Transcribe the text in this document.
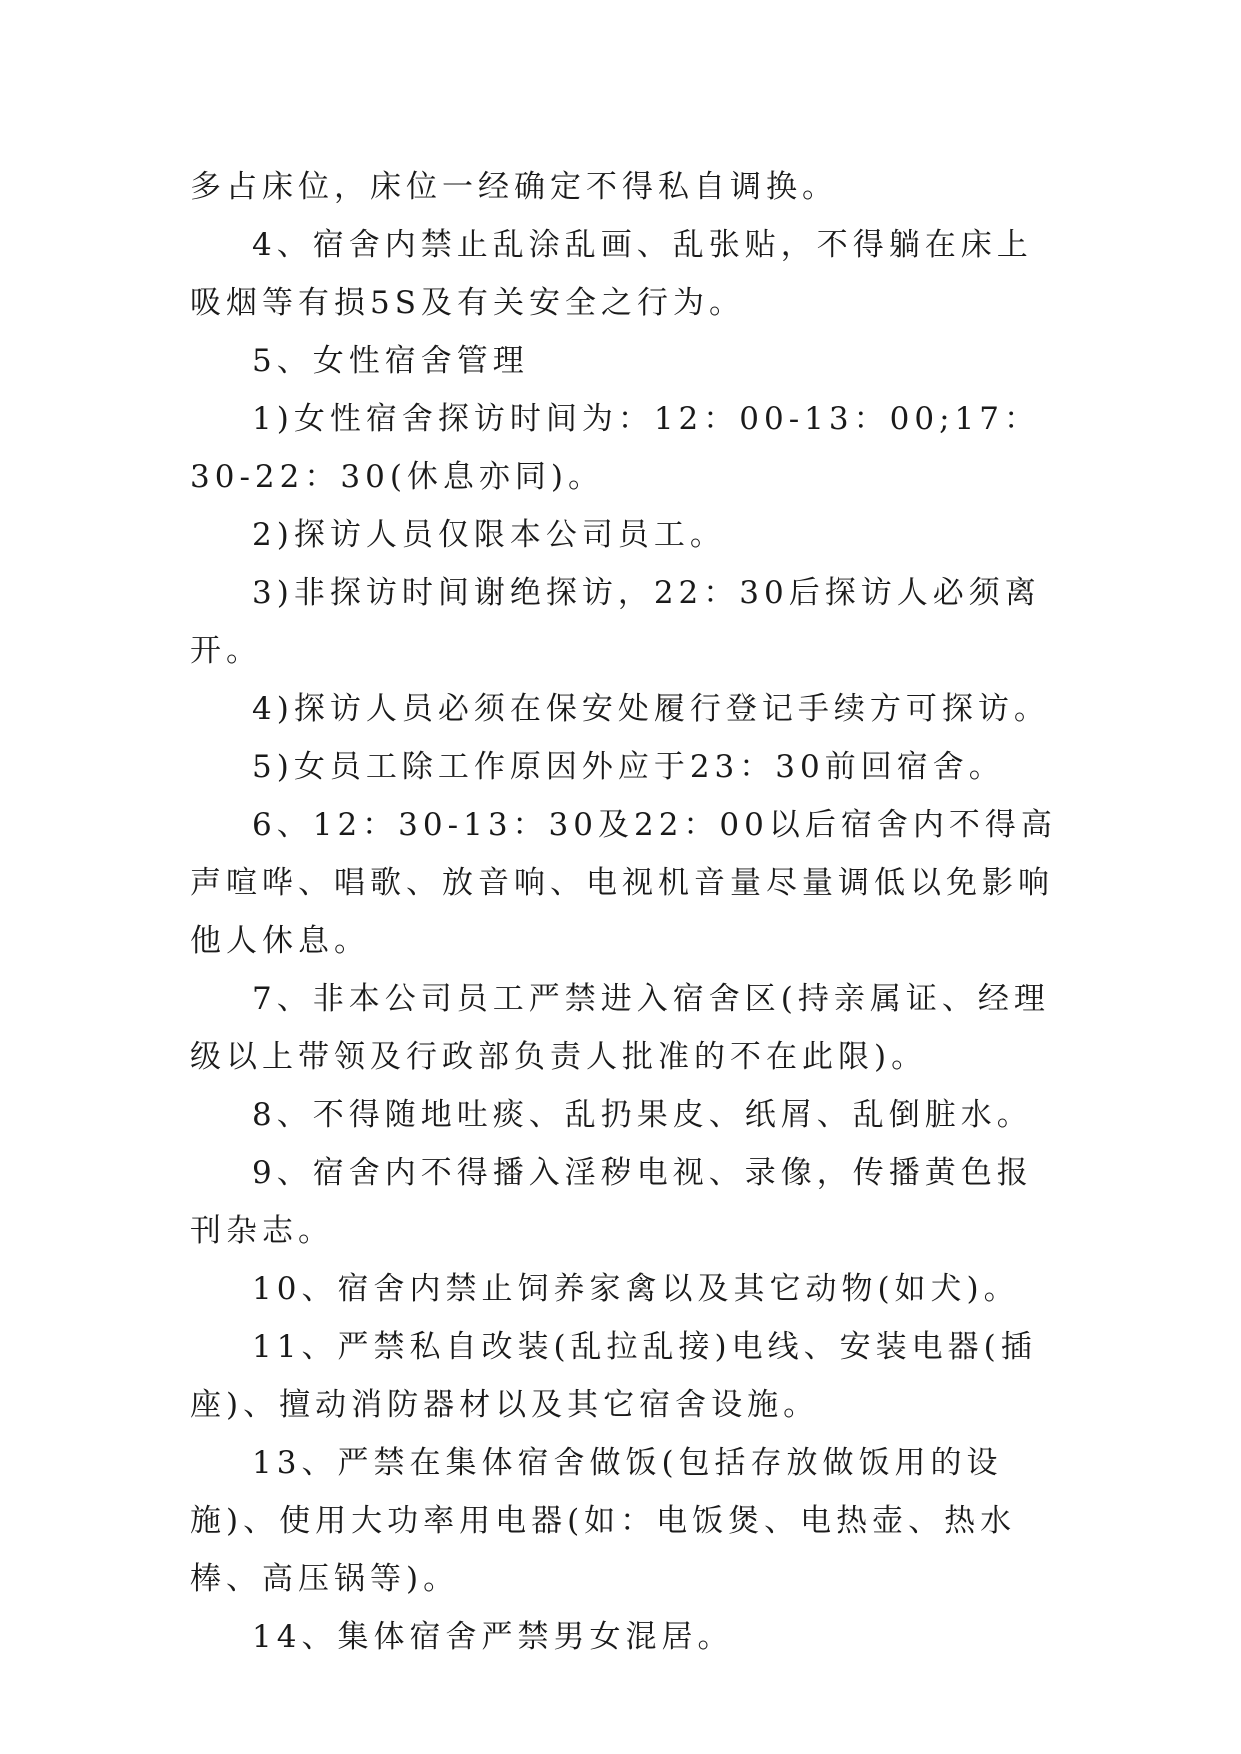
多占床位，床位一经确定不得私自调换。

4、宿舍内禁止乱涂乱画、乱张贴，不得躺在床上吸烟等有损5S及有关安全之行为。

5、女性宿舍管理

1)女性宿舍探访时间为：12：00-13：00;17：30-22：30(休息亦同)。

2)探访人员仅限本公司员工。

3)非探访时间谢绝探访，22：30后探访人必须离开。

4)探访人员必须在保安处履行登记手续方可探访。

5)女员工除工作原因外应于23：30前回宿舍。

6、12：30-13：30及22：00以后宿舍内不得高声喧哗、唱歌、放音响、电视机音量尽量调低以免影响他人休息。

7、非本公司员工严禁进入宿舍区(持亲属证、经理级以上带领及行政部负责人批准的不在此限)。

8、不得随地吐痰、乱扔果皮、纸屑、乱倒脏水。

9、宿舍内不得播入淫秽电视、录像，传播黄色报刊杂志。

10、宿舍内禁止饲养家禽以及其它动物(如犬)。

11、严禁私自改装(乱拉乱接)电线、安装电器(插座)、擅动消防器材以及其它宿舍设施。

13、严禁在集体宿舍做饭(包括存放做饭用的设施)、使用大功率用电器(如：电饭煲、电热壶、热水棒、高压锅等)。

14、集体宿舍严禁男女混居。
